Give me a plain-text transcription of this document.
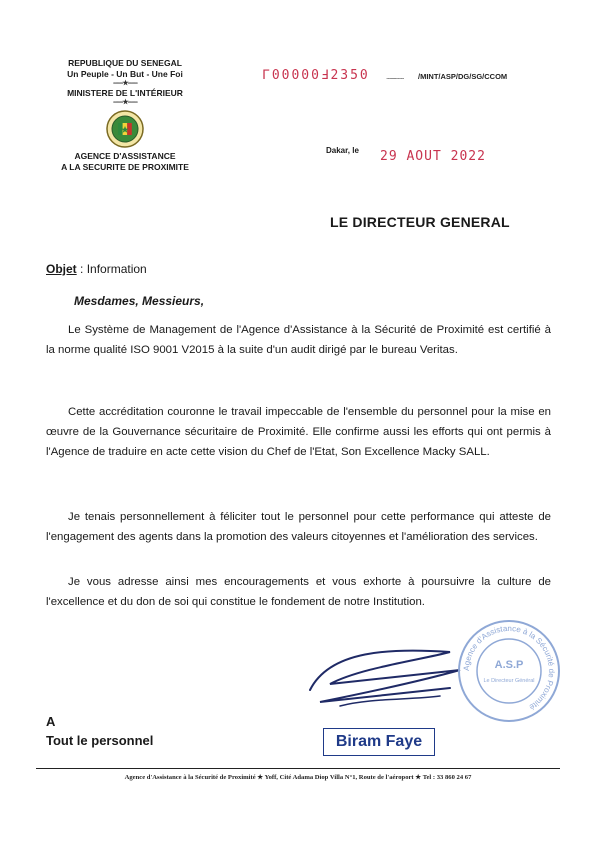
REPUBLIQUE DU SENEGAL
Un Peuple - Un But - Une Foi
-------★-------
MINISTERE DE L'INTÉRIEUR
-------★-------
AGENCE D'ASSISTANCE
A LA SECURITE DE PROXIMITE
Γ00000Ⅎ2350 ................ /MINT/ASP/DG/SG/CCOM
Dakar, le 29 AOUT 2022
LE DIRECTEUR GENERAL
Objet : Information
Mesdames, Messieurs,
Le Système de Management de l'Agence d'Assistance à la Sécurité de Proximité est certifié à la norme qualité ISO 9001 V2015 à la suite d'un audit dirigé par le bureau Veritas.
Cette accréditation couronne le travail impeccable de l'ensemble du personnel pour la mise en œuvre de la Gouvernance sécuritaire de Proximité. Elle confirme aussi les efforts qui ont permis à l'Agence de traduire en acte cette vision du Chef de l'Etat, Son Excellence Macky SALL.
Je tenais personnellement à féliciter tout le personnel pour cette performance qui atteste de l'engagement des agents dans la promotion des valeurs citoyennes et l'amélioration des services.
Je vous adresse ainsi mes encouragements et vous exhorte à poursuivre la culture de l'excellence et du don de soi qui constitue le fondement de notre Institution.
Agence d'Assistance à la Sécurité de Proximité
A.S.P
Le Directeur Général
A
Tout le personnel	Biram Faye
Agence d'Assistance à la Sécurité de Proximité ★ Yoff, Cité Adama Diop Villa N°1, Route de l'aéroport ★ Tel : 33 860 24 67
